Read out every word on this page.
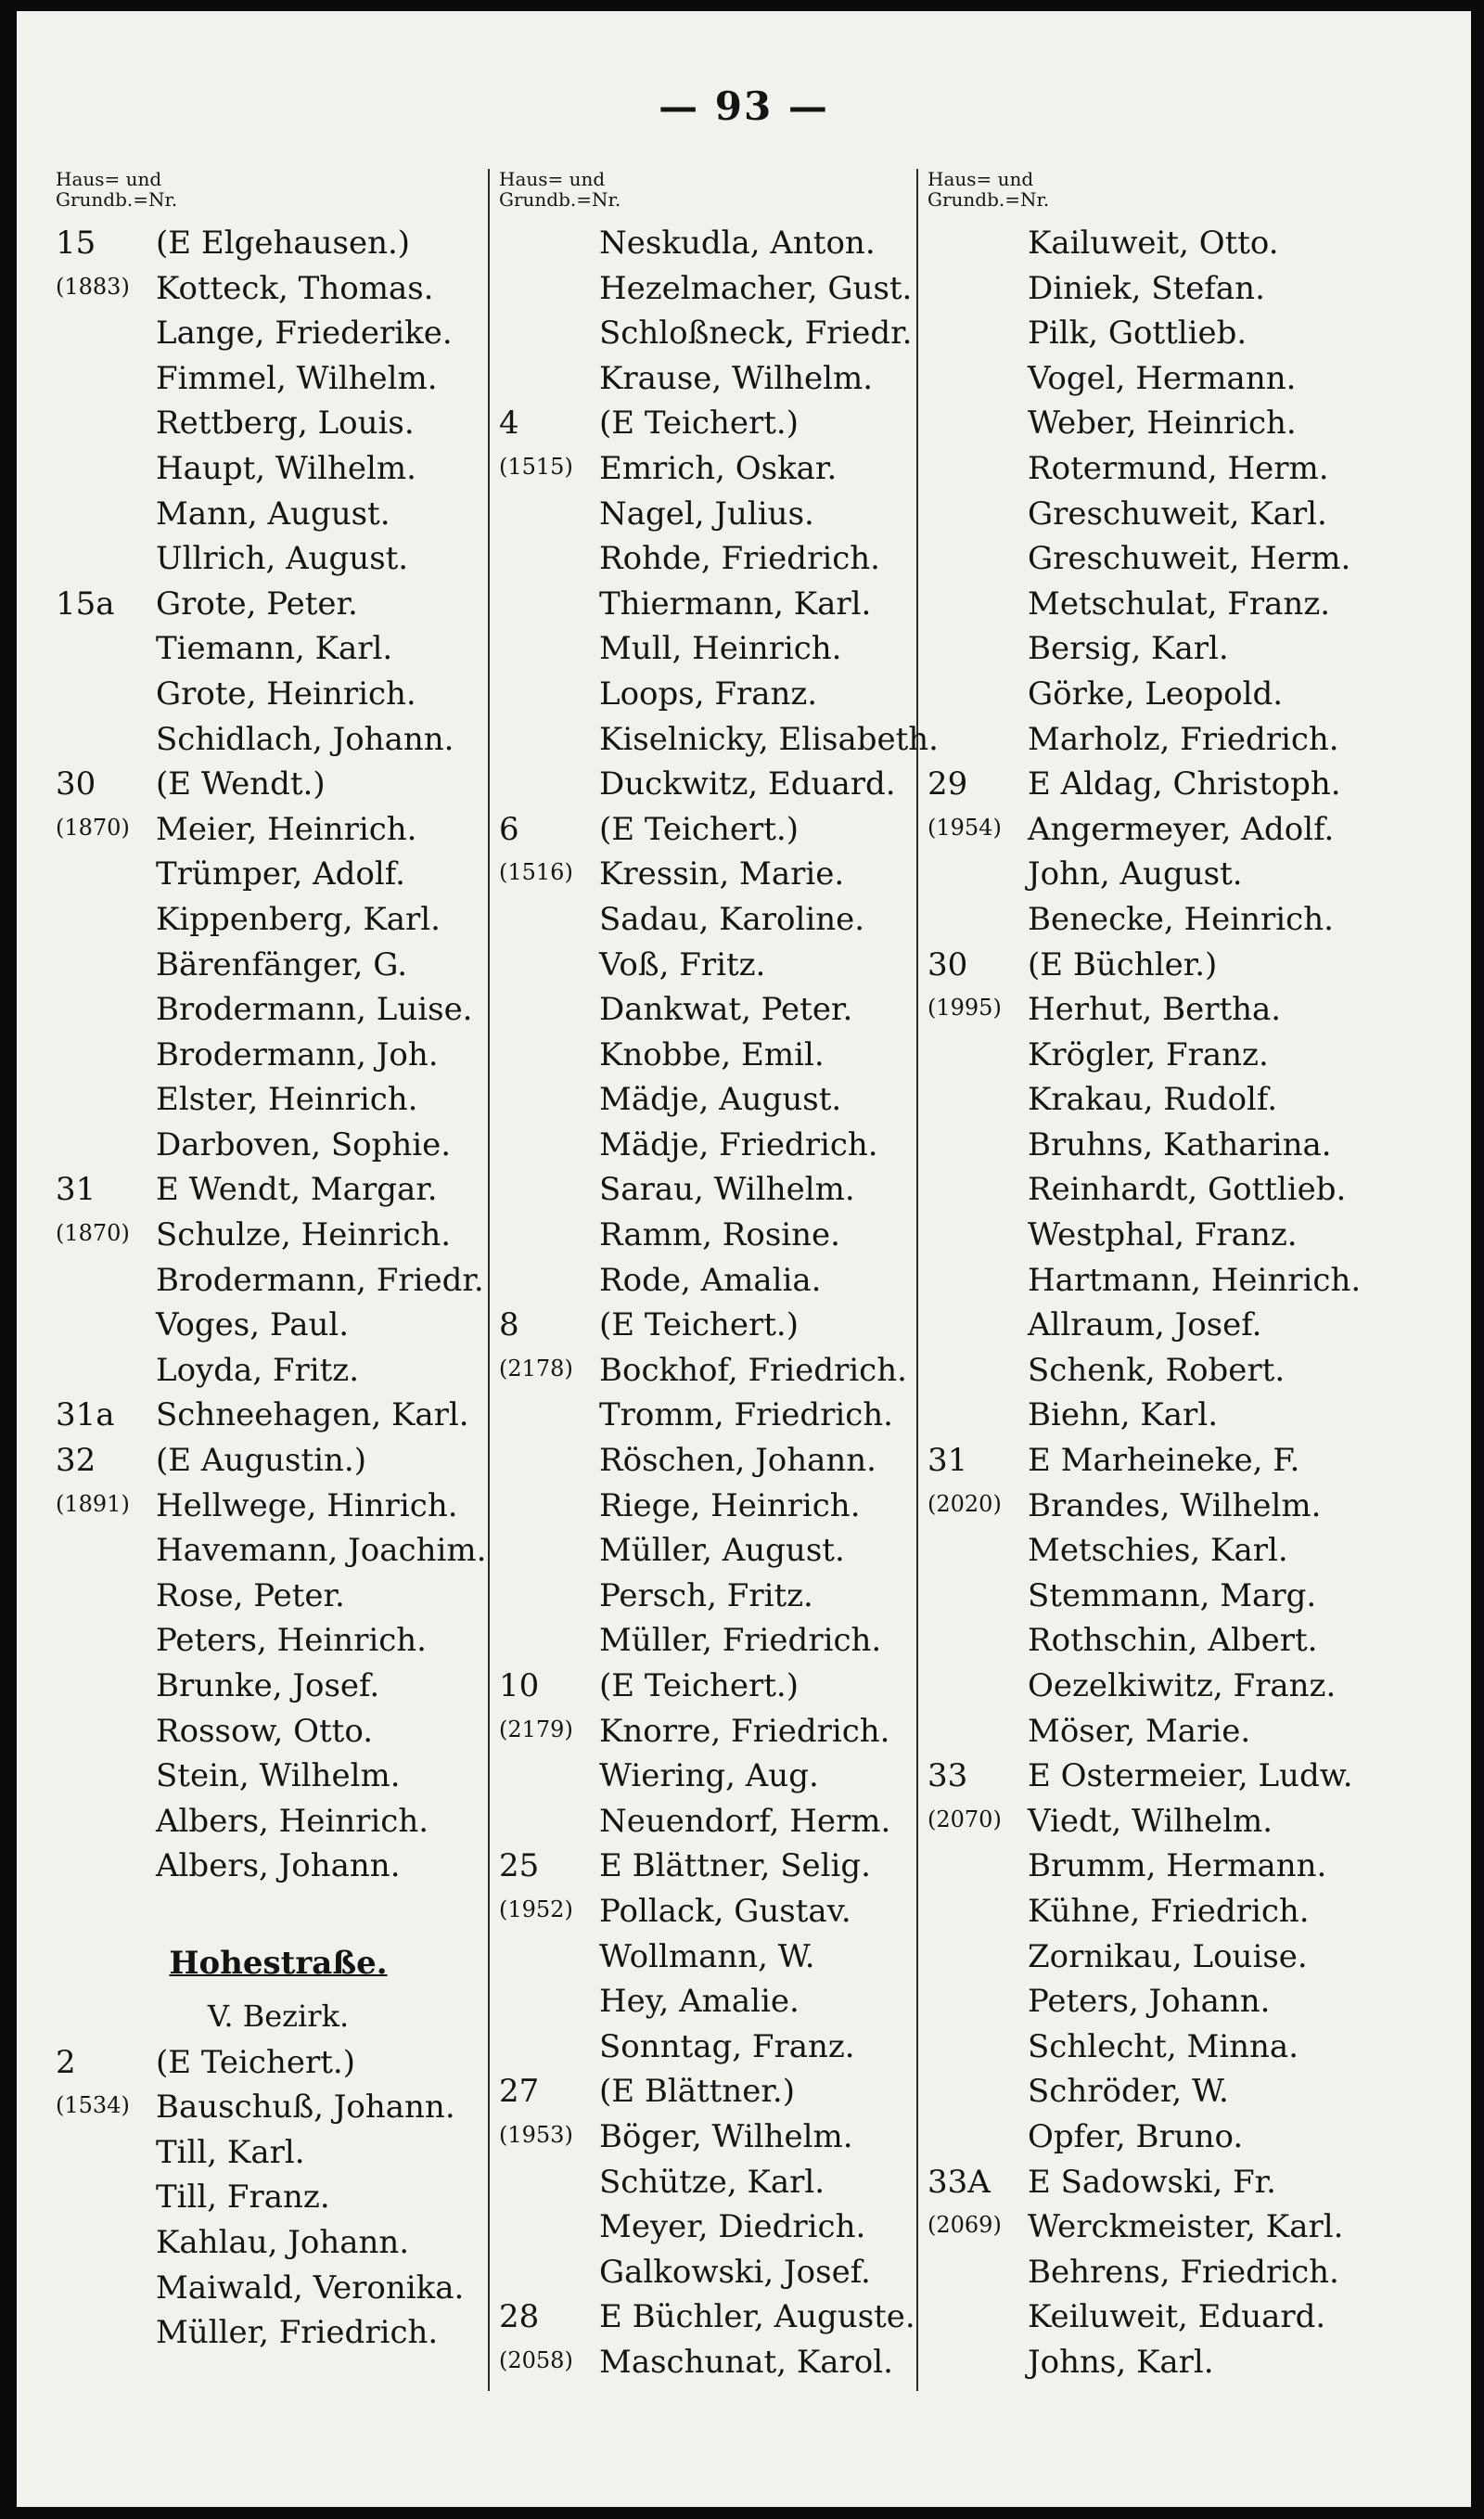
— 93 —
Haus= und
Grundb.=Nr.
15	(E Elgehausen.)
(1883) Kotteck, Thomas.
Lange, Friederike.
Fimmel, Wilhelm.
Rettberg, Louis.
Haupt, Wilhelm.
Mann, August.
Ullrich, August.
15a	Grote, Peter.
Tiemann, Karl.
Grote, Heinrich.
Schidlach, Johann.
30	(E Wendt.)
(1870) Meier, Heinrich.
Trümper, Adolf.
Kippenberg, Karl.
Bärenfänger, G.
Brodermann, Luise.
Brodermann, Joh.
Elster, Heinrich.
Darboven, Sophie.
31	E Wendt, Margar.
(1870) Schulze, Heinrich.
Brodermann, Friedr.
Voges, Paul.
Loyda, Fritz.
31a	Schneehagen, Karl.
32	(E Augustin.)
(1891) Hellwege, Hinrich.
Havemann, Joachim.
Rose, Peter.
Peters, Heinrich.
Brunke, Josef.
Rossow, Otto.
Stein, Wilhelm.
Albers, Heinrich.
Albers, Johann.
Hohestraße.
V. Bezirk.
2	(E Teichert.)
(1534) Bauschuß, Johann.
Till, Karl.
Till, Franz.
Kahlau, Johann.
Maiwald, Veronika.
Müller, Friedrich.
Haus= und
Grundb.=Nr.
Neskudla, Anton.
Hezelmacher, Gust.
Schloßneck, Friedr.
Krause, Wilhelm.
4	(E Teichert.)
(1515) Emrich, Oskar.
Nagel, Julius.
Rohde, Friedrich.
Thiermann, Karl.
Mull, Heinrich.
Loops, Franz.
Kiselnicky, Elisabeth.
Duckwitz, Eduard.
6	(E Teichert.)
(1516) Kressin, Marie.
Sadau, Karoline.
Voß, Fritz.
Dankwat, Peter.
Knobbe, Emil.
Mädje, August.
Mädje, Friedrich.
Sarau, Wilhelm.
Ramm, Rosine.
Rode, Amalia.
8	(E Teichert.)
(2178) Bockhof, Friedrich.
Tromm, Friedrich.
Röschen, Johann.
Riege, Heinrich.
Müller, August.
Persch, Fritz.
Müller, Friedrich.
10	(E Teichert.)
(2179) Knorre, Friedrich.
Wiering, Aug.
Neuendorf, Herm.
25	E Blättner, Selig.
(1952) Pollack, Gustav.
Wollmann, W.
Hey, Amalie.
Sonntag, Franz.
27	(E Blättner.)
(1953) Böger, Wilhelm.
Schütze, Karl.
Meyer, Diedrich.
Galkowski, Josef.
28	E Büchler, Auguste.
(2058) Maschunat, Karol.
Haus= und
Grundb.=Nr.
Kailuweit, Otto.
Diniek, Stefan.
Pilk, Gottlieb.
Vogel, Hermann.
Weber, Heinrich.
Rotermund, Herm.
Greschuweit, Karl.
Greschuweit, Herm.
Metschulat, Franz.
Bersig, Karl.
Görke, Leopold.
Marholz, Friedrich.
29	E Aldag, Christoph.
(1954) Angermeyer, Adolf.
John, August.
Benecke, Heinrich.
30	(E Büchler.)
(1995) Herhut, Bertha.
Krögler, Franz.
Krakau, Rudolf.
Bruhns, Katharina.
Reinhardt, Gottlieb.
Westphal, Franz.
Hartmann, Heinrich.
Allraum, Josef.
Schenk, Robert.
Biehn, Karl.
31	E Marheineke, F.
(2020) Brandes, Wilhelm.
Metschies, Karl.
Stemmann, Marg.
Rothschin, Albert.
Oezelkiwitz, Franz.
Möser, Marie.
33	E Ostermeier, Ludw.
(2070) Viedt, Wilhelm.
Brumm, Hermann.
Kühne, Friedrich.
Zornikau, Louise.
Peters, Johann.
Schlecht, Minna.
Schröder, W.
Opfer, Bruno.
33A	E Sadowski, Fr.
(2069) Werckmeister, Karl.
Behrens, Friedrich.
Keiluweit, Eduard.
Johns, Karl.
